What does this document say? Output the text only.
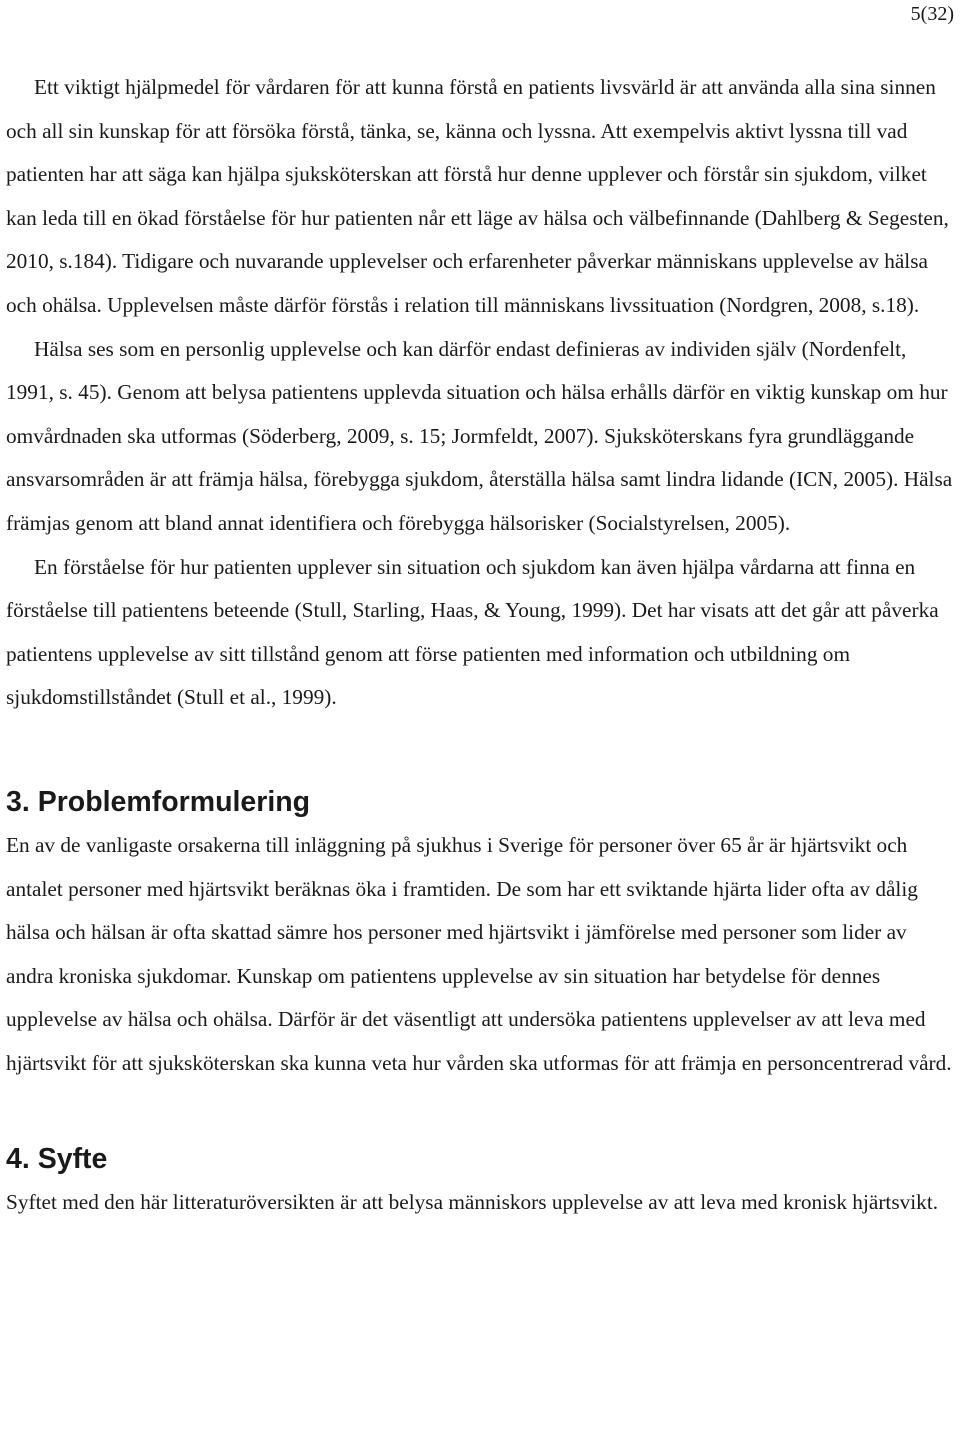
5(32)

Ett viktigt hjälpmedel för vårdaren för att kunna förstå en patients livsvärld är att använda alla sina sinnen och all sin kunskap för att försöka förstå, tänka, se, känna och lyssna. Att exempelvis aktivt lyssna till vad patienten har att säga kan hjälpa sjuksköterskan att förstå hur denne upplever och förstår sin sjukdom, vilket kan leda till en ökad förståelse för hur patienten når ett läge av hälsa och välbefinnande (Dahlberg & Segesten, 2010, s.184). Tidigare och nuvarande upplevelser och erfarenheter påverkar människans upplevelse av hälsa och ohälsa. Upplevelsen måste därför förstås i relation till människans livssituation (Nordgren, 2008, s.18).

Hälsa ses som en personlig upplevelse och kan därför endast definieras av individen själv (Nordenfelt, 1991, s. 45). Genom att belysa patientens upplevda situation och hälsa erhålls därför en viktig kunskap om hur omvårdnaden ska utformas (Söderberg, 2009, s. 15; Jormfeldt, 2007). Sjuksköterskans fyra grundläggande ansvarsområden är att främja hälsa, förebygga sjukdom, återställa hälsa samt lindra lidande (ICN, 2005). Hälsa främjas genom att bland annat identifiera och förebygga hälsorisker (Socialstyrelsen, 2005).

En förståelse för hur patienten upplever sin situation och sjukdom kan även hjälpa vårdarna att finna en förståelse till patientens beteende (Stull, Starling, Haas, & Young, 1999). Det har visats att det går att påverka patientens upplevelse av sitt tillstånd genom att förse patienten med information och utbildning om sjukdomstillståndet (Stull et al., 1999).

3. Problemformulering

En av de vanligaste orsakerna till inläggning på sjukhus i Sverige för personer över 65 år är hjärtsvikt och antalet personer med hjärtsvikt beräknas öka i framtiden. De som har ett sviktande hjärta lider ofta av dålig hälsa och hälsan är ofta skattad sämre hos personer med hjärtsvikt i jämförelse med personer som lider av andra kroniska sjukdomar. Kunskap om patientens upplevelse av sin situation har betydelse för dennes upplevelse av hälsa och ohälsa. Därför är det väsentligt att undersöka patientens upplevelser av att leva med hjärtsvikt för att sjuksköterskan ska kunna veta hur vården ska utformas för att främja en personcentrerad vård.

4. Syfte

Syftet med den här litteraturöversikten är att belysa människors upplevelse av att leva med kronisk hjärtsvikt.
